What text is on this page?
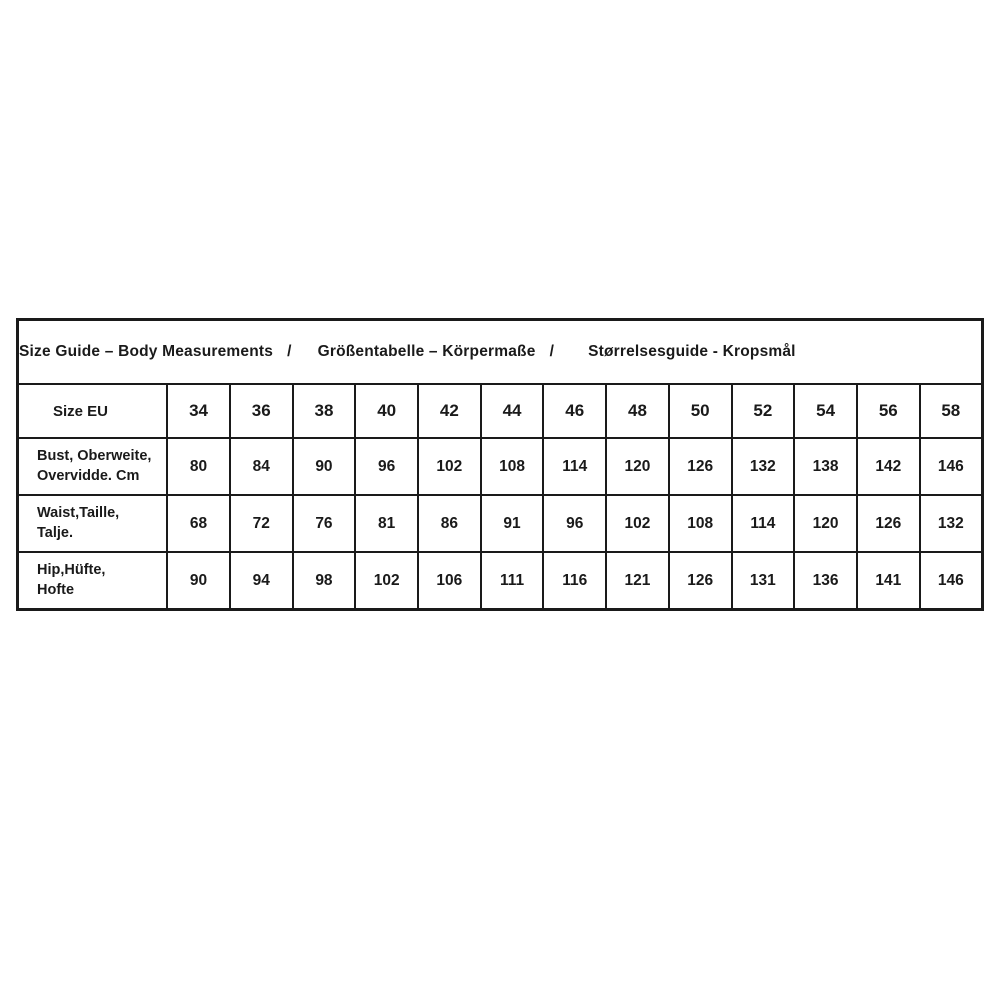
Size Guide – Body Measurements / Größentabelle – Körpermaße / Størrelsesguide - Kropsmål													
Size EU	34	36	38	40	42	44	46	48	50	52	54	56	58
Bust, Oberweite,
Overvidde. Cm	80	84	90	96	102	108	114	120	126	132	138	142	146
Waist,Taille,
Talje.	68	72	76	81	86	91	96	102	108	114	120	126	132
Hip,Hüfte,
Hofte	90	94	98	102	106	111	116	121	126	131	136	141	146
